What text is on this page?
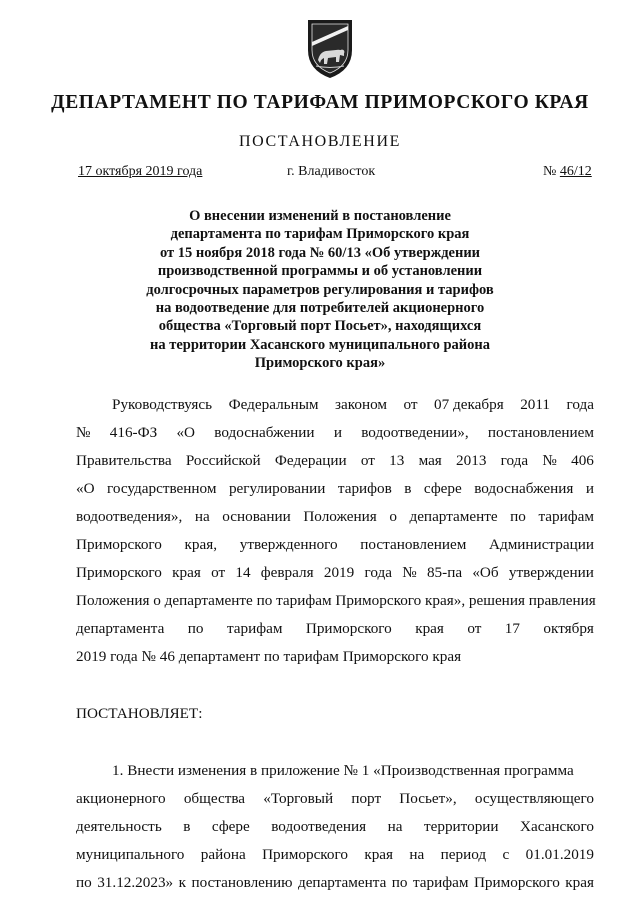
ДЕПАРТАМЕНТ ПО ТАРИФАМ ПРИМОРСКОГО КРАЯ
ПОСТАНОВЛЕНИЕ
17 октября 2019 года	г. Владивосток	№ 46/12
О внесении изменений в постановление
департамента по тарифам Приморского края
от 15 ноября 2018 года № 60/13 «Об утверждении
производственной программы и об установлении
долгосрочных параметров регулирования и тарифов
на водоотведение для потребителей акционерного
общества «Торговый порт Посьет», находящихся
на территории Хасанского муниципального района
Приморского края»
Руководствуясь Федеральным законом от 07 декабря 2011 года
№ 416-ФЗ «О водоснабжении и водоотведении», постановлением
Правительства Российской Федерации от 13 мая 2013 года № 406
«О государственном регулировании тарифов в сфере водоснабжения и
водоотведения», на основании Положения о департаменте по тарифам
Приморского края, утвержденного постановлением Администрации
Приморского края от 14 февраля 2019 года № 85-па «Об утверждении
Положения о департаменте по тарифам Приморского края», решения правления
департамента по тарифам Приморского края от 17 октября
2019 года № 46 департамент по тарифам Приморского края
ПОСТАНОВЛЯЕТ:
1. Внести изменения в приложение № 1 «Производственная программа
акционерного общества «Торговый порт Посьет», осуществляющего
деятельность в сфере водоотведения на территории Хасанского
муниципального района Приморского края на период с 01.01.2019
по 31.12.2023» к постановлению департамента по тарифам Приморского края
